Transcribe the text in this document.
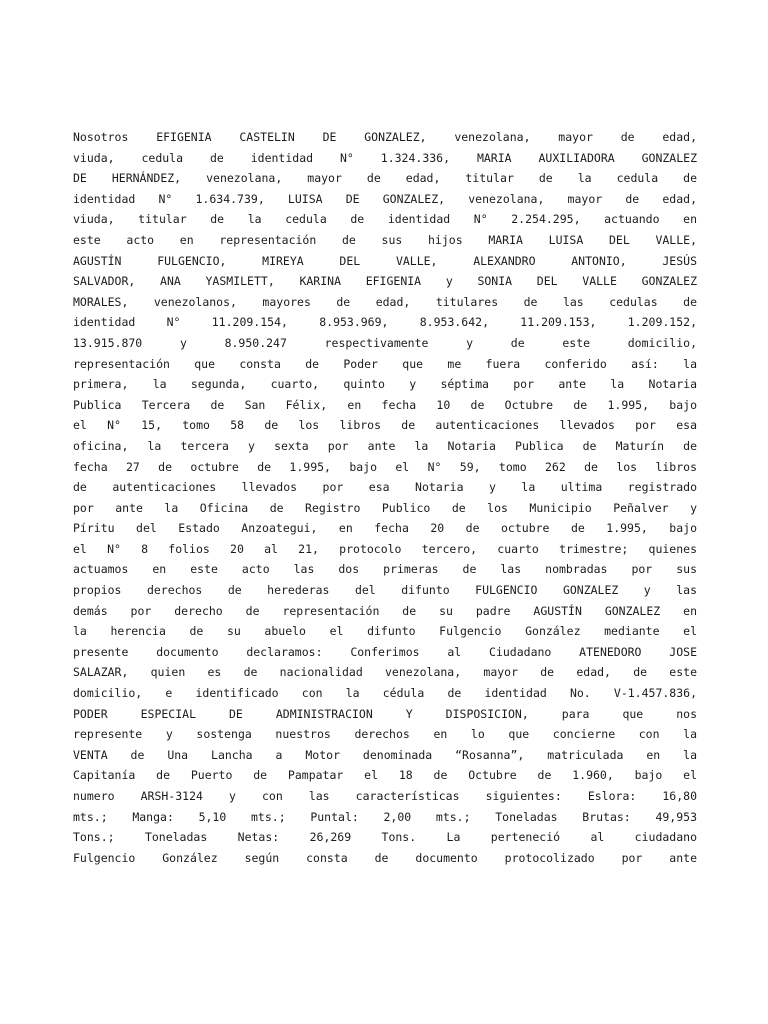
Nosotros EFIGENIA CASTELIN DE GONZALEZ, venezolana, mayor de edad,
viuda, cedula de identidad N° 1.324.336, MARIA AUXILIADORA GONZALEZ
DE HERNÁNDEZ, venezolana, mayor de edad, titular de la cedula de
identidad N° 1.634.739, LUISA DE GONZALEZ, venezolana, mayor de edad,
viuda, titular de la cedula de identidad N° 2.254.295, actuando en
este acto en representación de sus hijos MARIA LUISA DEL VALLE,
AGUSTÍN FULGENCIO, MIREYA DEL VALLE, ALEXANDRO ANTONIO, JESÚS
SALVADOR, ANA YASMILETT, KARINA EFIGENIA y SONIA DEL VALLE GONZALEZ
MORALES, venezolanos, mayores de edad, titulares de las cedulas de
identidad N° 11.209.154, 8.953.969, 8.953.642, 11.209.153, 1.209.152,
13.915.870 y 8.950.247 respectivamente y de este domicilio,
representación que consta de Poder que me fuera conferido así: la
primera, la segunda, cuarto, quinto y séptima por ante la Notaria
Publica Tercera de San Félix, en fecha 10 de Octubre de 1.995, bajo
el N° 15, tomo 58 de los libros de autenticaciones llevados por esa
oficina, la tercera y sexta por ante la Notaria Publica de Maturín de
fecha 27 de octubre de 1.995, bajo el N° 59, tomo 262 de los libros
de autenticaciones llevados por esa Notaria y la ultima registrado
por ante la Oficina de Registro Publico de los Municipio Peñalver y
Píritu del Estado Anzoategui, en fecha 20 de octubre de 1.995, bajo
el N° 8 folios 20 al 21, protocolo tercero, cuarto trimestre; quienes
actuamos en este acto las dos primeras de las nombradas por sus
propios derechos de herederas del difunto FULGENCIO GONZALEZ y las
demás por derecho de representación de su padre AGUSTÍN GONZALEZ en
la herencia de su abuelo el difunto Fulgencio González mediante el
presente documento declaramos: Conferimos al Ciudadano ATENEDORO JOSE
SALAZAR, quien es de nacionalidad venezolana, mayor de edad, de este
domicilio, e identificado con la cédula de identidad No. V-1.457.836,
PODER ESPECIAL DE ADMINISTRACION Y DISPOSICION, para que nos
represente y sostenga nuestros derechos en lo que concierne con la
VENTA de Una Lancha a Motor denominada “Rosanna”, matriculada en la
Capitanía de Puerto de Pampatar el 18 de Octubre de 1.960, bajo el
numero ARSH-3124 y con las características siguientes: Eslora: 16,80
mts.; Manga: 5,10 mts.; Puntal: 2,00 mts.; Toneladas Brutas: 49,953
Tons.; Toneladas Netas: 26,269 Tons. La perteneció al ciudadano
Fulgencio González según consta de documento protocolizado por ante
